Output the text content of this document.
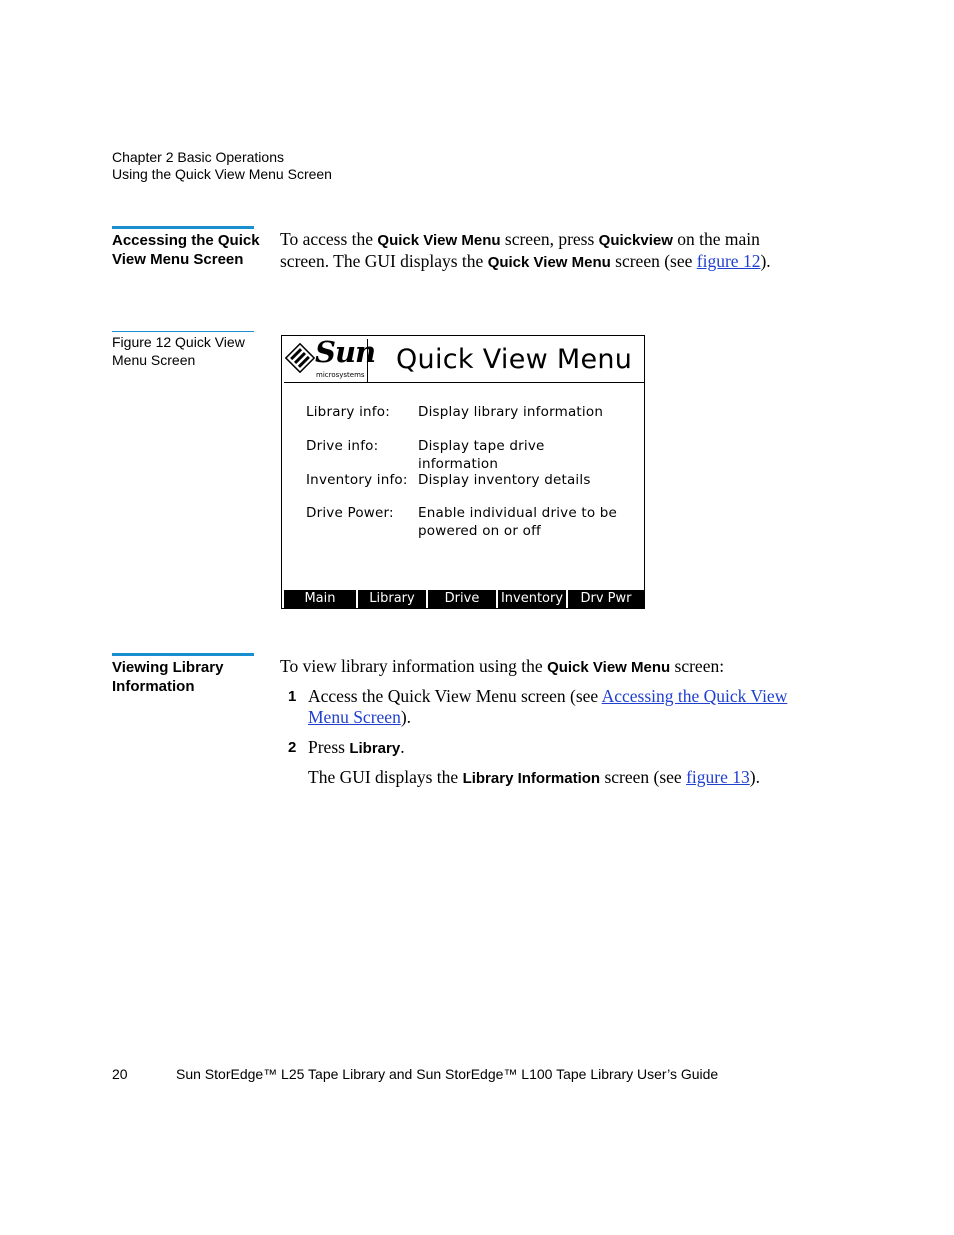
Chapter 2 Basic Operations
Using the Quick View Menu Screen
Accessing the Quick View Menu Screen
To access the Quick View Menu screen, press Quickview on the main screen. The GUI displays the Quick View Menu screen (see figure 12).
Figure 12 Quick View Menu Screen	Sun
microsystems Quick View Menu
Library info: Display library information
Drive info:	Display tape drive information
Inventory info: Display inventory details
Drive Power: Enable individual drive to be powered on or off
Main	Library	Drive	Inventory	Drv Pwr
Viewing Library Information
To view library information using the Quick View Menu screen:
1 Access the Quick View Menu screen (see Accessing the Quick View Menu Screen).
2 Press Library.
The GUI displays the Library Information screen (see figure 13).
20	Sun StorEdge™ L25 Tape Library and Sun StorEdge™ L100 Tape Library User’s Guide
